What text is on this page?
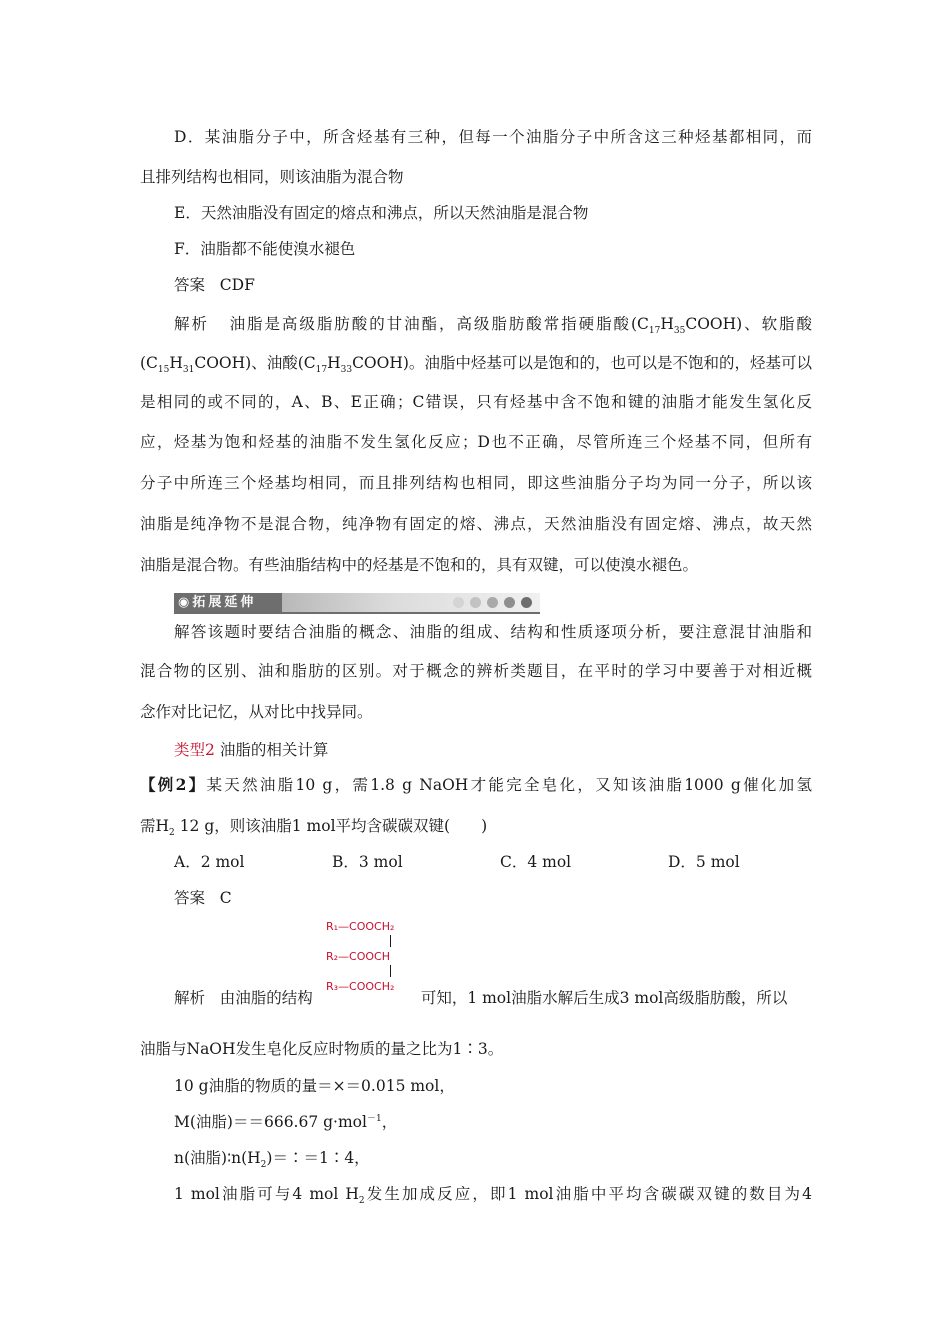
D．某油脂分子中，所含烃基有三种，但每一个油脂分子中所含这三种烃基都相同，而
且排列结构也相同，则该油脂为混合物
E．天然油脂没有固定的熔点和沸点，所以天然油脂是混合物
F．油脂都不能使溴水褪色
答案 CDF
解析 油脂是高级脂肪酸的甘油酯，高级脂肪酸常指硬脂酸$(C_{17}H_{35}COOH)$、软脂酸
$(C_{15}H_{31}COOH)$、油酸$(C_{17}H_{33}COOH)$。油脂中烃基可以是饱和的，也可以是不饱和的，烃基可以
是相同的或不同的，A、B、E正确；C错误，只有烃基中含不饱和键的油脂才能发生氢化反
应，烃基为饱和烃基的油脂不发生氢化反应；D也不正确，尽管所连三个烃基不同，但所有
分子中所连三个烃基均相同，而且排列结构也相同，即这些油脂分子均为同一分子，所以该
油脂是纯净物不是混合物，纯净物有固定的熔、沸点，天然油脂没有固定熔、沸点，故天然
油脂是混合物。有些油脂结构中的烃基是不饱和的，具有双键，可以使溴水褪色。
◉拓展延伸
解答该题时要结合油脂的概念、油脂的组成、结构和性质逐项分析，要注意混甘油脂和
混合物的区别、油和脂肪的区别。对于概念的辨析类题目，在平时的学习中要善于对相近概
念作对比记忆，从对比中找异同。
类型2 油脂的相关计算
【例2】某天然油脂10 g，需1.8 g NaOH才能完全皂化，又知该油脂1000 g催化加氢
需$H_2$ 12 g，则该油脂1 mol平均含碳碳双键(　　)
A．2 mol	B．3 mol	C．4 mol	D．5 mol
答案 C
R₁—COOCH₂
R₂—COOCH
R₃—COOCH₂
解析 由油脂的结构	可知，1 mol油脂水解后生成3 mol高级脂肪酸，所以
油脂与NaOH发生皂化反应时物质的量之比为1∶3。
10 g油脂的物质的量＝×＝0.015 mol，
M(油脂)＝＝666.67 g·mol$^{-1}$，
n(油脂)$∶n(H_2)=∶=1∶4$，
1 mol油脂可与4 mol $H_2$发生加成反应，即1 mol油脂中平均含碳碳双键的数目为4
